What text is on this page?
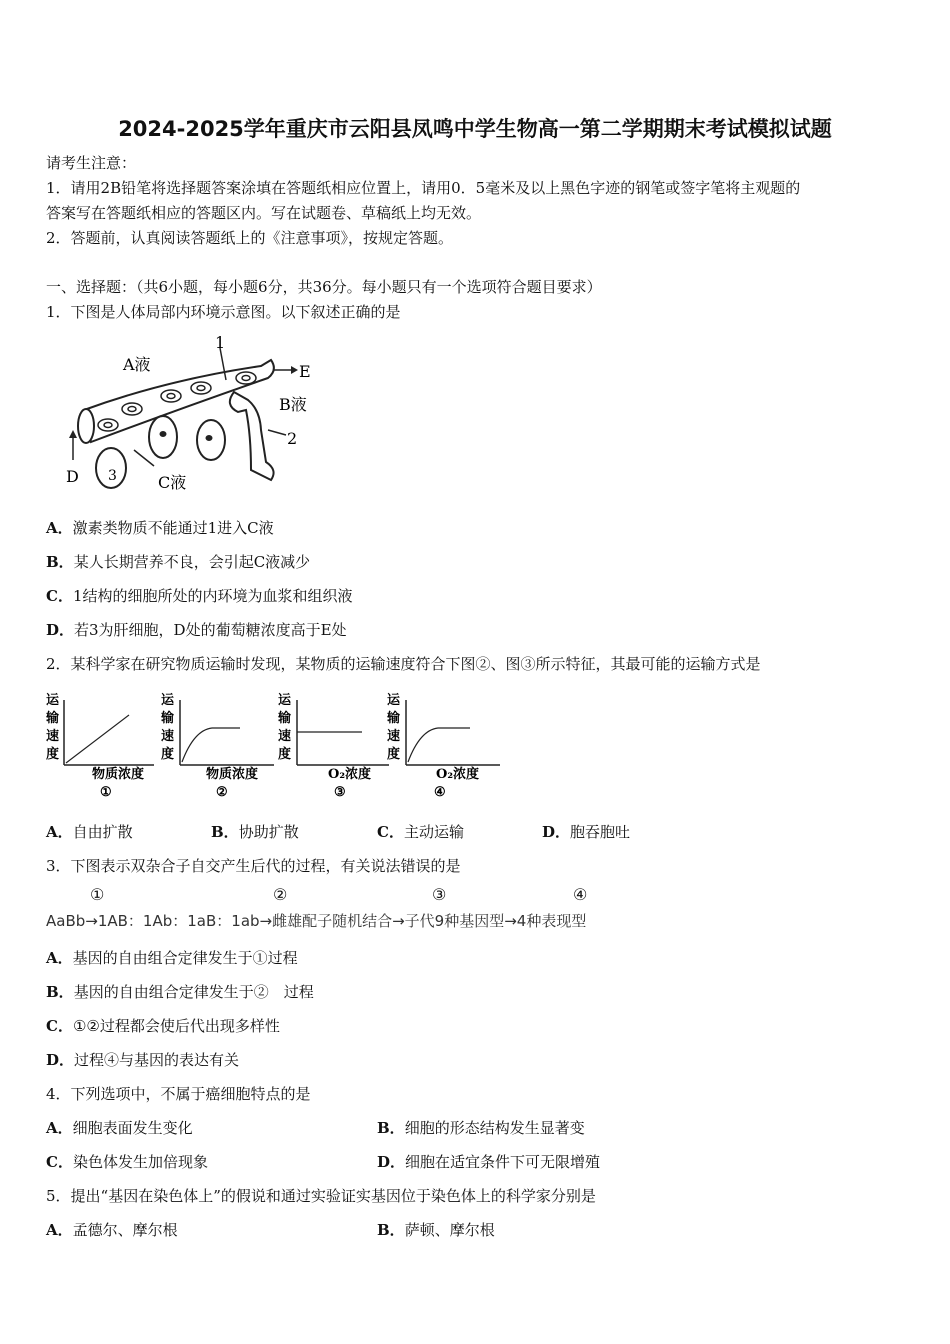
2024-2025学年重庆市云阳县凤鸣中学生物高一第二学期期末考试模拟试题
请考生注意：
1．请用2B铅笔将选择题答案涂填在答题纸相应位置上，请用0．5毫米及以上黑色字迹的钢笔或签字笔将主观题的
答案写在答题纸相应的答题区内。写在试题卷、草稿纸上均无效。
2．答题前，认真阅读答题纸上的《注意事项》，按规定答题。
一、选择题：（共6小题，每小题6分，共36分。每小题只有一个选项符合题目要求）
1．下图是人体局部内环境示意图。以下叙述正确的是
A液
1
E
B液
2
D 3	C液
A．激素类物质不能通过1进入C液
B．某人长期营养不良，会引起C液减少
C．1结构的细胞所处的内环境为血浆和组织液
D．若3为肝细胞，D处的葡萄糖浓度高于E处
2．某科学家在研究物质运输时发现，某物质的运输速度符合下图②、图③所示特征，其最可能的运输方式是
运
输
速
度
物质浓度
①
运
输
速
度
物质浓度
②
运
输
速
度
O₂浓度
③
运
输
速
度
O₂浓度
④
A．自由扩散	B．协助扩散	C．主动运输	D．胞吞胞吐
3．下图表示双杂合子自交产生后代的过程，有关说法错误的是
①	②	③	④
AaBb→1AB：1Ab：1aB：1ab→雌雄配子随机结合→子代9种基因型→4种表现型
A．基因的自由组合定律发生于①过程
B．基因的自由组合定律发生于②　过程
C．①②过程都会使后代出现多样性
D．过程④与基因的表达有关
4．下列选项中，不属于癌细胞特点的是
A．细胞表面发生变化	B．细胞的形态结构发生显著变
C．染色体发生加倍现象	D．细胞在适宜条件下可无限增殖
5．提出“基因在染色体上”的假说和通过实验证实基因位于染色体上的科学家分别是
A．孟德尔、摩尔根	B．萨顿、摩尔根
